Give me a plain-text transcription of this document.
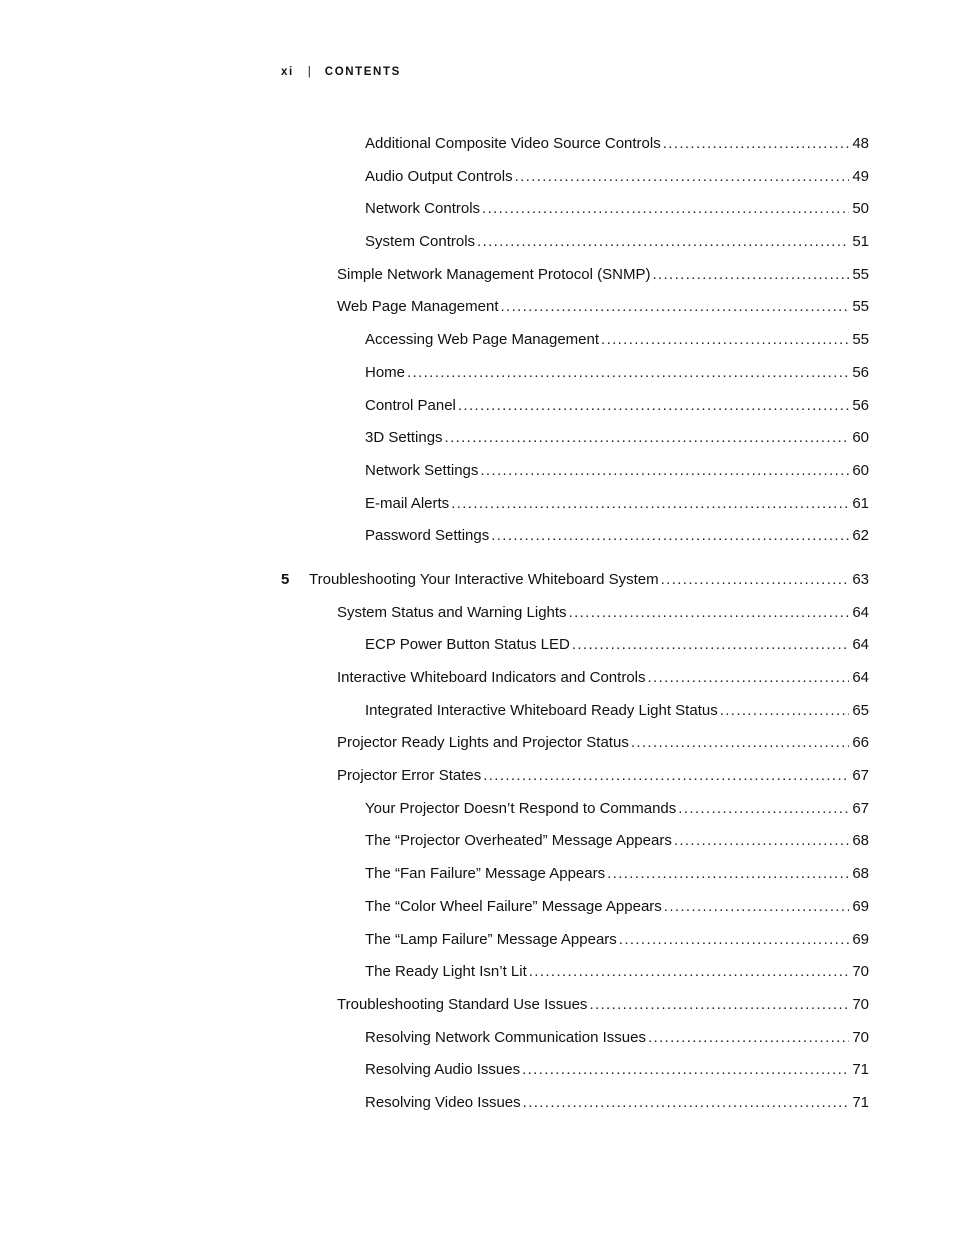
xi | CONTENTS
Additional Composite Video Source Controls . . .	48
Audio Output Controls . . .	49
Network Controls . . .	50
System Controls . . .	51
Simple Network Management Protocol (SNMP) . . .	55
Web Page Management . . .	55
Accessing Web Page Management . . .	55
Home . . .	56
Control Panel . . .	56
3D Settings . . .	60
Network Settings . . .	60
E-mail Alerts . . .	61
Password Settings . . .	62
5 Troubleshooting Your Interactive Whiteboard System . . .	63
System Status and Warning Lights . . .	64
ECP Power Button Status LED . . .	64
Interactive Whiteboard Indicators and Controls . . .	64
Integrated Interactive Whiteboard Ready Light Status . . .	65
Projector Ready Lights and Projector Status . . .	66
Projector Error States . . .	67
Your Projector Doesn’t Respond to Commands . . .	67
The “Projector Overheated” Message Appears . . .	68
The “Fan Failure” Message Appears . . .	68
The “Color Wheel Failure” Message Appears . . .	69
The “Lamp Failure” Message Appears . . .	69
The Ready Light Isn’t Lit . . .	70
Troubleshooting Standard Use Issues . . .	70
Resolving Network Communication Issues . . .	70
Resolving Audio Issues . . .	71
Resolving Video Issues . . .	71
